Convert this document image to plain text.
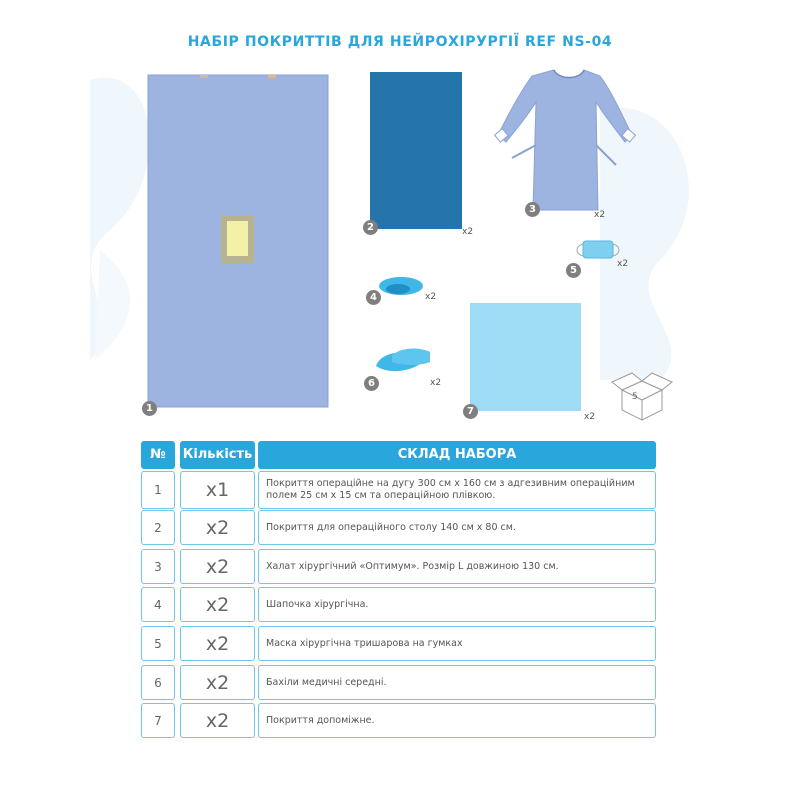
НАБІР ПОКРИТТІВ ДЛЯ НЕЙРОХІРУРГІЇ REF NS-04
1
2	x2
3	x2
4	x2
5
x2
6	x2
7	x2
5
№	Кількість	СКЛАД НАБОРА
1	x1	Покриття операційне на дугу 300 см x 160 см з адгезивним операційним полем 25 см x 15 см та операційною плівкою.
2	x2	Покриття для операційного столу 140 см x 80 см.
3	x2	Халат хірургічний «Оптимум». Розмір L довжиною 130 см.
4	x2	Шапочка хірургічна.
5	x2	Маска хірургічна тришарова на гумках
6	x2	Бахіли медичні середні.
7	x2	Покриття допоміжне.
